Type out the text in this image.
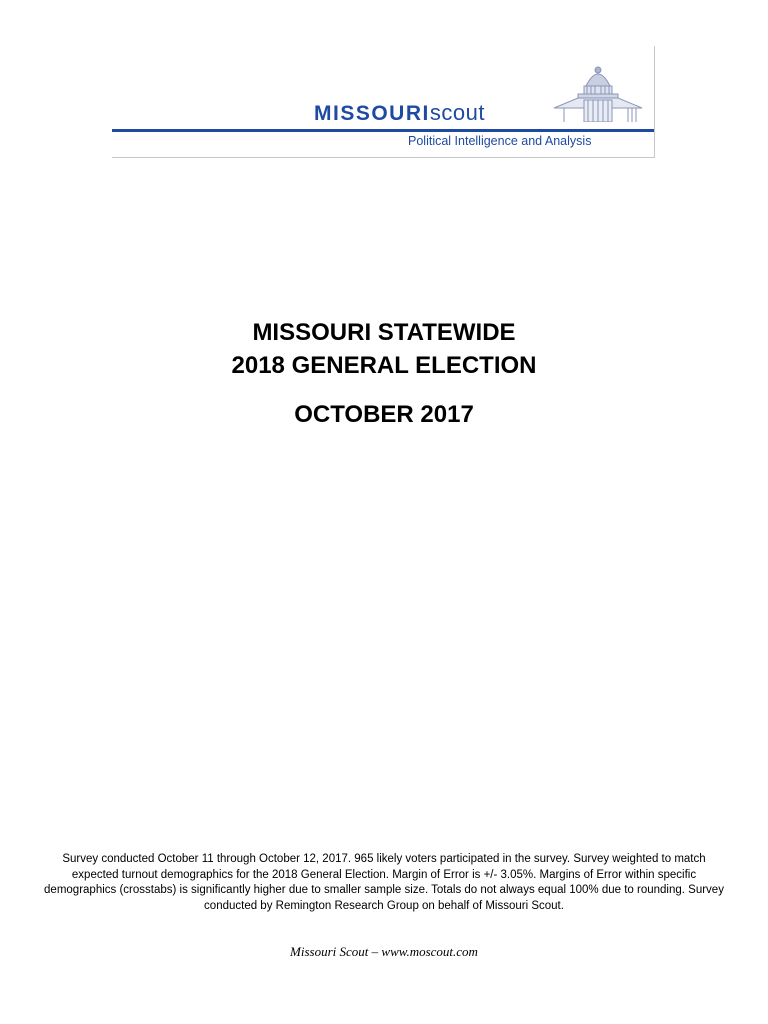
MISSOURIscout
Political Intelligence and Analysis
MISSOURI STATEWIDE
2018 GENERAL ELECTION
OCTOBER 2017
Survey conducted October 11 through October 12, 2017. 965 likely voters participated in the survey. Survey weighted to match expected turnout demographics for the 2018 General Election. Margin of Error is +/- 3.05%. Margins of Error within specific demographics (crosstabs) is significantly higher due to smaller sample size. Totals do not always equal 100% due to rounding. Survey conducted by Remington Research Group on behalf of Missouri Scout.
Missouri Scout – www.moscout.com
